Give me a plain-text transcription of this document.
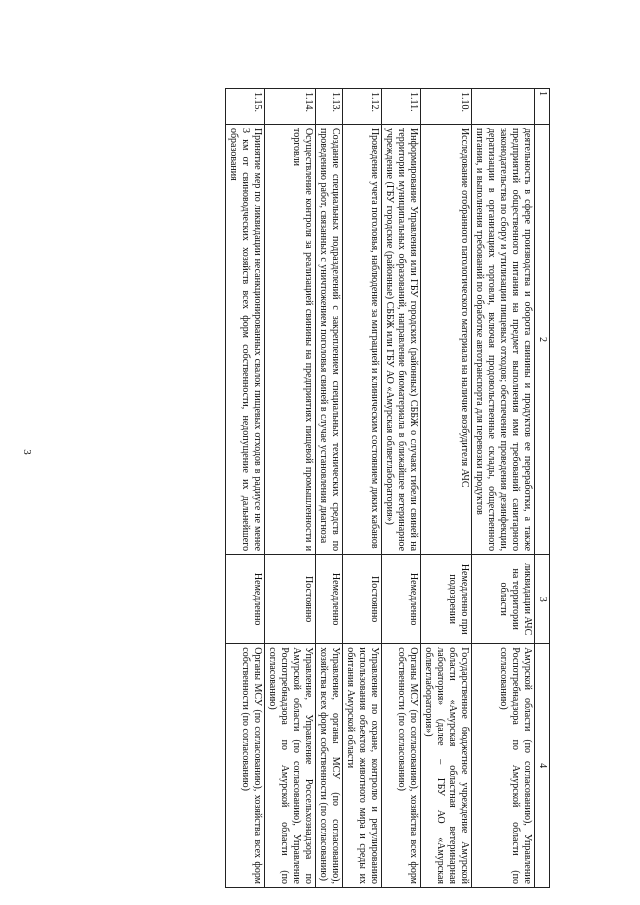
3
1	2	3	4
	деятельность в сфере производства и оборота свинины и продуктов ее переработки, а также предприятий общественного питания на предмет выполнения ими требований санитарного законодательства по сбору и утилизации пищевых отходов; обеспечение проведения дезинфекции, дератизации в организациях торговли, включая продовольственные склады, общественного питания, и выполнения требований по обработке автотранспорта для перевозки продуктов	ликвидации АЧС на территории области	Амурской области (по согласованию), Управление Роспотребнадзора по Амурской области (по согласованию)
1.10.	Исследование отобранного патологического материала на наличие возбудителя АЧС	Немедленно при подозрении	Государственное бюджетное учреждение Амурской области «Амурская областная ветеринарная лаборатория» (далее – ГБУ АО «Амурская облветлаборатория»)
1.11.	Информирование Управления или ГБУ городских (районных) СББЖ о случаях гибели свиней на территории муниципальных образований, направление биоматериала в ближайшее ветеринарное учреждение (ГБУ городские (районные) СББЖ или ГБУ АО «Амурская облветлаборатория»)	Немедленно	Органы МСУ (по согласованию), хозяйства всех форм собственности (по согласованию)
1.12.	Проведение учета поголовья, наблюдение за миграцией и клиническим состоянием диких кабанов	Постоянно	Управление по охране, контролю и регулированию использования объектов животного мира и среды их обитания Амурской области
1.13.	Создание специальных подразделений с закреплением специальных технических средств по проведению работ, связанных с уничтожением поголовья свиней в случае установления диагноза	Немедленно	Управление, органы МСУ (по согласованию), хозяйства всех форм собственности (по согласованию)
1.14.	Осуществление контроля за реализацией свинины на предприятиях пищевой промышленности и торговли	Постоянно	Управление, Управление Россельхознадзора по Амурской области (по согласованию), Управление Роспотребнадзора по Амурской области (по согласованию)
1.15.	Принятие мер по ликвидации несанкционированных свалок пищевых отходов в радиусе не менее 3 км от свиноводческих хозяйств всех форм собственности, недопущение их дальнейшего образования	Немедленно	Органы МСУ (по согласованию), хозяйства всех форм собственности (по согласованию)
